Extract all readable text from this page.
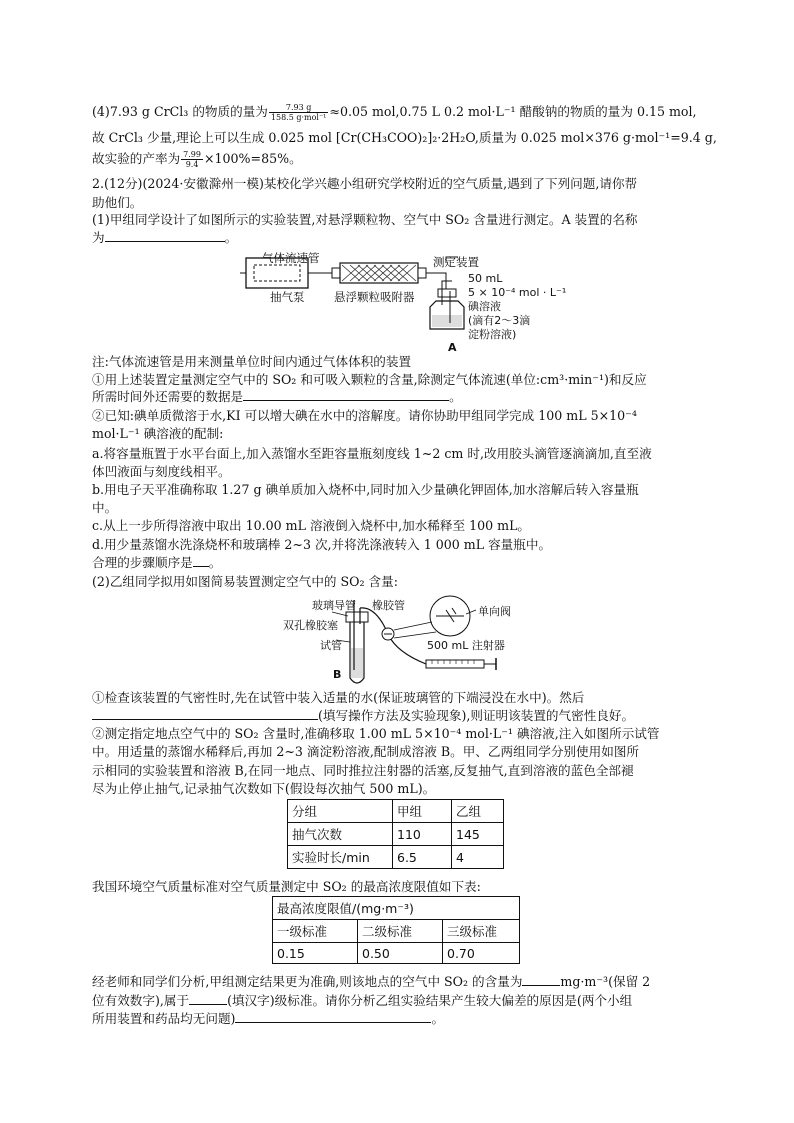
(4)7.93 g CrCl₃ 的物质的量为 $\frac{7.93 g}{\text{158.5 g·mol⁻¹}} \approx 0.05$ mol,0.75 L 0.2 mol·L⁻¹ 醋酸钠的物质的量为 0.15 mol,
故 CrCl₃ 少量,理论上可以生成 0.025 mol [Cr(CH₃COO)₂]₂·2H₂O,质量为 0.025 mol×376 g·mol⁻¹=9.4 g,
故实验的产率为 $\frac{7.99}{9.4} \times 100\%=85\%$。
2.(12分)(2024·安徽滁州一模)某校化学兴趣小组研究学校附近的空气质量,遇到了下列问题,请你帮
助他们。
(1)甲组同学设计了如图所示的实验装置,对悬浮颗粒物、空气中 SO₂ 含量进行测定。A 装置的名称
为	。
气体流速管
抽气泵	悬浮颗粒吸附器
测定装置
50 mL
5 × 10⁻⁴ mol · L⁻¹
碘溶液
(滴有2～3滴
淀粉溶液)
A
注:气体流速管是用来测量单位时间内通过气体体积的装置
①用上述装置定量测定空气中的 SO₂ 和可吸入颗粒的含量,除测定气体流速(单位:cm³·min⁻¹)和反应
所需时间外还需要的数据是	。
②已知:碘单质微溶于水,KI 可以增大碘在水中的溶解度。请你协助甲组同学完成 100 mL 5×10⁻⁴
mol·L⁻¹ 碘溶液的配制:
a.将容量瓶置于水平台面上,加入蒸馏水至距容量瓶刻度线 1~2 cm 时,改用胶头滴管逐滴滴加,直至液
体凹液面与刻度线相平。
b.用电子天平准确称取 1.27 g 碘单质加入烧杯中,同时加入少量碘化钾固体,加水溶解后转入容量瓶
中。
c.从上一步所得溶液中取出 10.00 mL 溶液倒入烧杯中,加水稀释至 100 mL。
d.用少量蒸馏水洗涤烧杯和玻璃棒 2~3 次,并将洗涤液转入 1 000 mL 容量瓶中。
合理的步骤顺序是 。
(2)乙组同学拟用如图简易装置测定空气中的 SO₂ 含量:
玻璃导管 橡胶管
双孔橡胶塞
单向阀
500 mL 注射器
试管
B
①检查该装置的气密性时,先在试管中装入适量的水(保证玻璃管的下端浸没在水中)。然后
(填写操作方法及实验现象),则证明该装置的气密性良好。
②测定指定地点空气中的 SO₂ 含量时,准确移取 1.00 mL 5×10⁻⁴ mol·L⁻¹ 碘溶液,注入如图所示试管
中。用适量的蒸馏水稀释后,再加 2~3 滴淀粉溶液,配制成溶液 B。甲、乙两组同学分别使用如图所
示相同的实验装置和溶液 B,在同一地点、同时推拉注射器的活塞,反复抽气,直到溶液的蓝色全部褪
尽为止停止抽气,记录抽气次数如下(假设每次抽气 500 mL)。
分组	甲组	乙组
抽气次数	110	145
实验时长/min	6.5	4
我国环境空气质量标准对空气质量测定中 SO₂ 的最高浓度限值如下表:
最高浓度限值/(mg·m⁻³)		
一级标准	二级标准	三级标准
0.15	0.50	0.70
经老师和同学们分析,甲组测定结果更为准确,则该地点的空气中 SO₂ 的含量为	mg·m⁻³(保留 2
位有效数字),属于	(填汉字)级标准。请你分析乙组实验结果产生较大偏差的原因是(两个小组
所用装置和药品均无问题)	。
